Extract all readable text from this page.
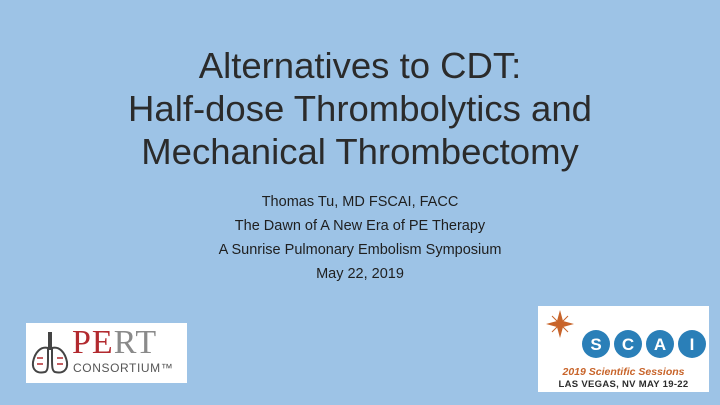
Alternatives to CDT:
Half-dose Thrombolytics and
Mechanical Thrombectomy
Thomas Tu, MD FSCAI, FACC
The Dawn of A New Era of PE Therapy
A Sunrise Pulmonary Embolism Symposium
May 22, 2019
PERT
CONSORTIUM™
S C A I
2019 Scientific Sessions
LAS VEGAS, NV MAY 19-22
